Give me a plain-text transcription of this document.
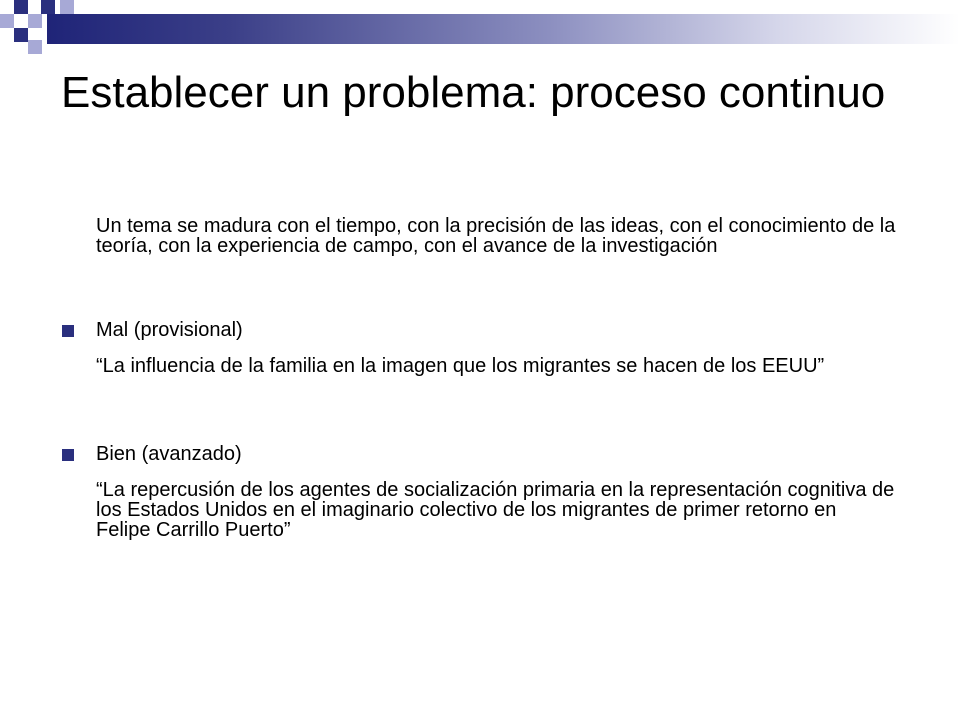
Establecer un problema: proceso continuo

Un tema se madura con el tiempo, con la precisión de las ideas, con el conocimiento de la teoría, con la experiencia de campo, con el avance de la investigación

Mal (provisional)

“La influencia de la familia en la imagen que los migrantes se hacen de los EEUU”

Bien (avanzado)

“La repercusión de los agentes de socialización primaria en la representación cognitiva de los Estados Unidos en el imaginario colectivo de los migrantes de primer retorno en Felipe Carrillo Puerto”
